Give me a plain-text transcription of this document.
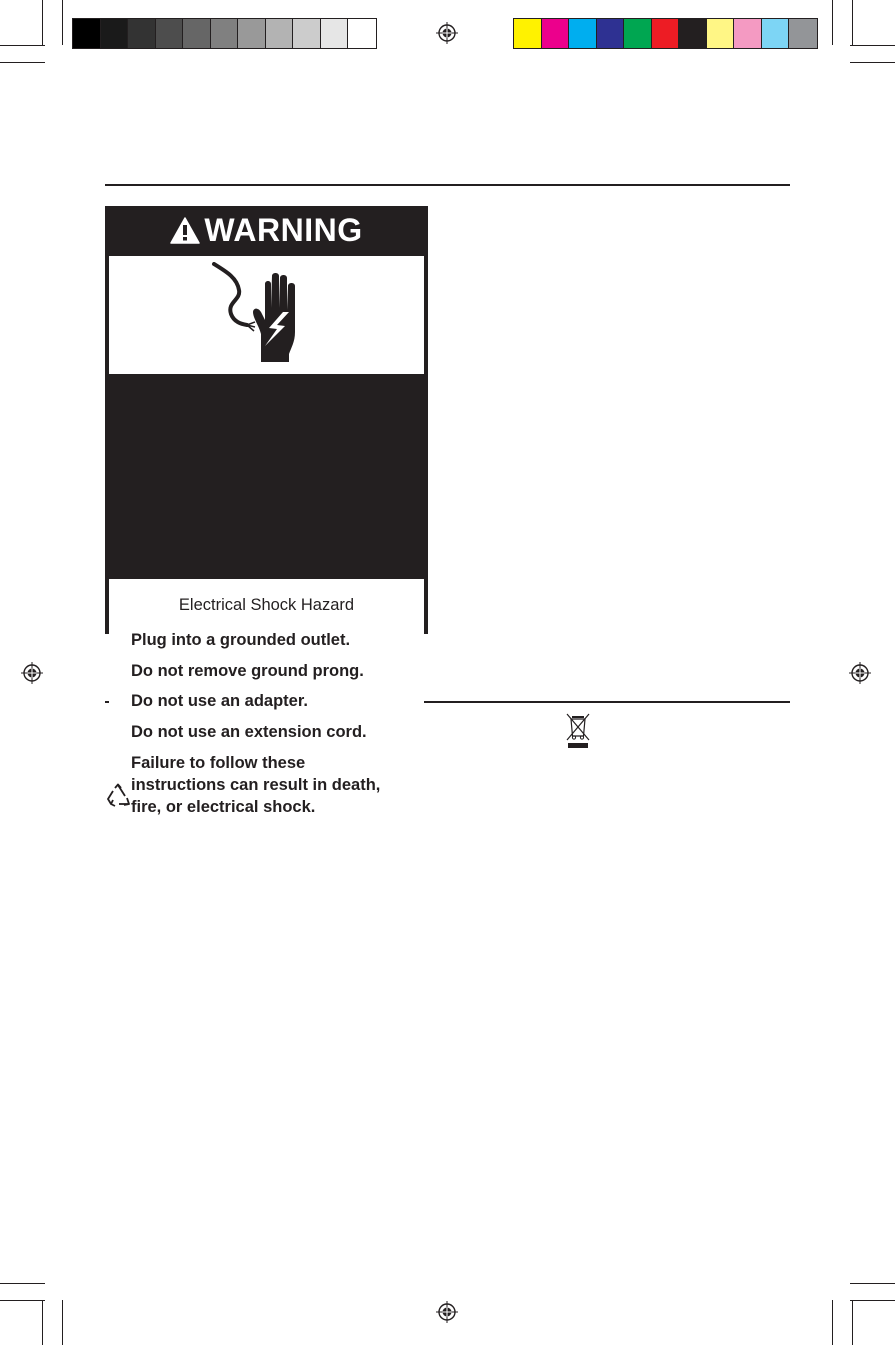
WARNING
Electrical Shock Hazard
Plug into a grounded outlet.
Do not remove ground prong.
Do not use an adapter.
Do not use an extension cord.
Failure to follow these
instructions can result in death,
fire, or electrical shock.
